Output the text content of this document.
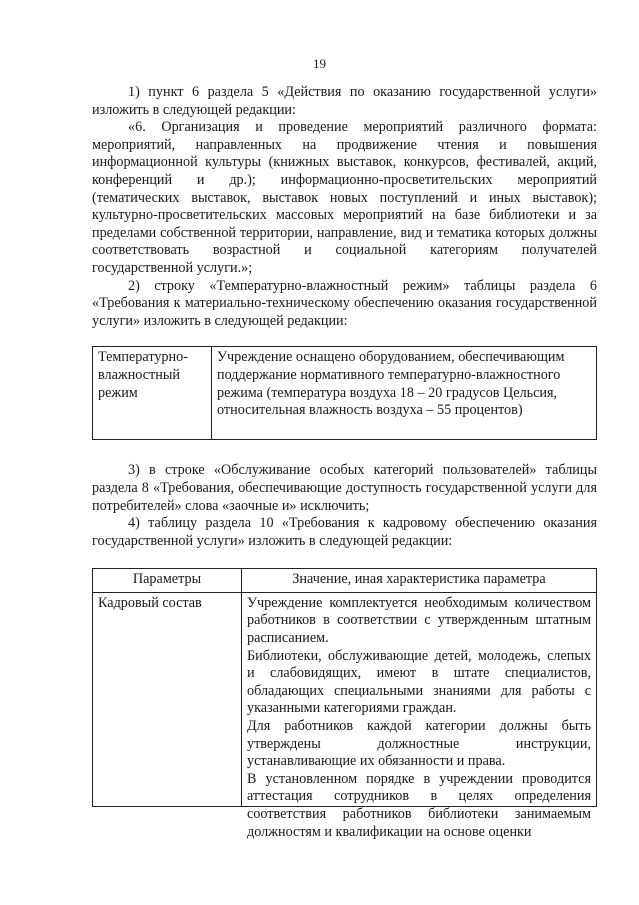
19

1) пункт 6 раздела 5 «Действия по оказанию государственной услуги» изложить в следующей редакции:

«6. Организация и проведение мероприятий различного формата: мероприятий, направленных на продвижение чтения и повышения информационной культуры (книжных выставок, конкурсов, фестивалей, акций, конференций и др.); информационно-просветительских мероприятий (тематических выставок, выставок новых поступлений и иных выставок); культурно-просветительских массовых мероприятий на базе библиотеки и за пределами собственной территории, направление, вид и тематика которых должны соответствовать возрастной и социальной категориям получателей государственной услуги.»;

2) строку «Температурно-влажностный режим» таблицы раздела 6 «Требования к материально-техническому обеспечению оказания государственной услуги» изложить в следующей редакции:

Температурно-влажностный режим	Учреждение оснащено оборудованием, обеспечивающим поддержание нормативного температурно-влажностного режима (температура воздуха 18 – 20 градусов Цельсия, относительная влажность воздуха – 55 процентов)

3) в строке «Обслуживание особых категорий пользователей» таблицы раздела 8 «Требования, обеспечивающие доступность государственной услуги для потребителей» слова «заочные и» исключить;

4) таблицу раздела 10 «Требования к кадровому обеспечению оказания государственной услуги» изложить в следующей редакции:

Параметры	Значение, иная характеристика параметра
Кадровый состав	Учреждение комплектуется необходимым количеством работников в соответствии с утвержденным штатным расписанием.

Библиотеки, обслуживающие детей, молодежь, слепых и слабовидящих, имеют в штате специалистов, обладающих специальными знаниями для работы с указанными категориями граждан.

Для работников каждой категории должны быть утверждены должностные инструкции, устанавливающие их обязанности и права.

В установленном порядке в учреждении проводится аттестация сотрудников в целях определения соответствия работников библиотеки занимаемым должностям и квалификации на основе оценки
